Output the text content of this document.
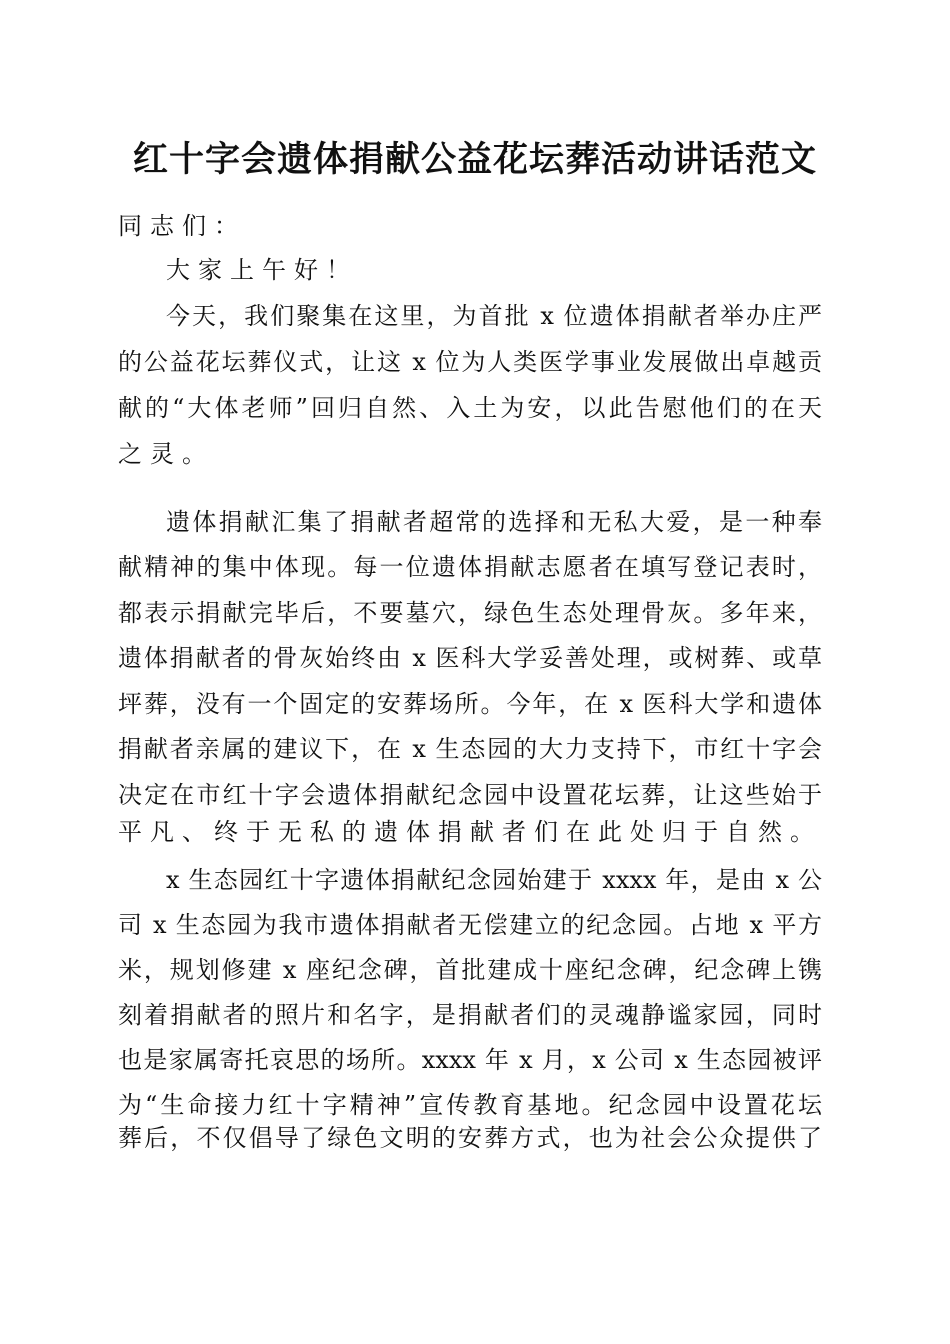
红十字会遗体捐献公益花坛葬活动讲话范文
同志们：
大家上午好！
今天，我们聚集在这里，为首批 x 位遗体捐献者举办庄严
的公益花坛葬仪式，让这 x 位为人类医学事业发展做出卓越贡
献的“大体老师”回归自然、入土为安，以此告慰他们的在天
之灵。
遗体捐献汇集了捐献者超常的选择和无私大爱，是一种奉
献精神的集中体现。每一位遗体捐献志愿者在填写登记表时，
都表示捐献完毕后，不要墓穴，绿色生态处理骨灰。多年来，
遗体捐献者的骨灰始终由 x 医科大学妥善处理，或树葬、或草
坪葬，没有一个固定的安葬场所。今年，在 x 医科大学和遗体
捐献者亲属的建议下，在 x 生态园的大力支持下，市红十字会
决定在市红十字会遗体捐献纪念园中设置花坛葬，让这些始于
平凡、终于无私的遗体捐献者们在此处归于自然。
x 生态园红十字遗体捐献纪念园始建于 xxxx 年，是由 x 公
司 x 生态园为我市遗体捐献者无偿建立的纪念园。占地 x 平方
米，规划修建 x 座纪念碑，首批建成十座纪念碑，纪念碑上镌
刻着捐献者的照片和名字，是捐献者们的灵魂静谧家园，同时
也是家属寄托哀思的场所。xxxx 年 x 月，x 公司 x 生态园被评
为“生命接力红十字精神”宣传教育基地。纪念园中设置花坛
葬后，不仅倡导了绿色文明的安葬方式，也为社会公众提供了
